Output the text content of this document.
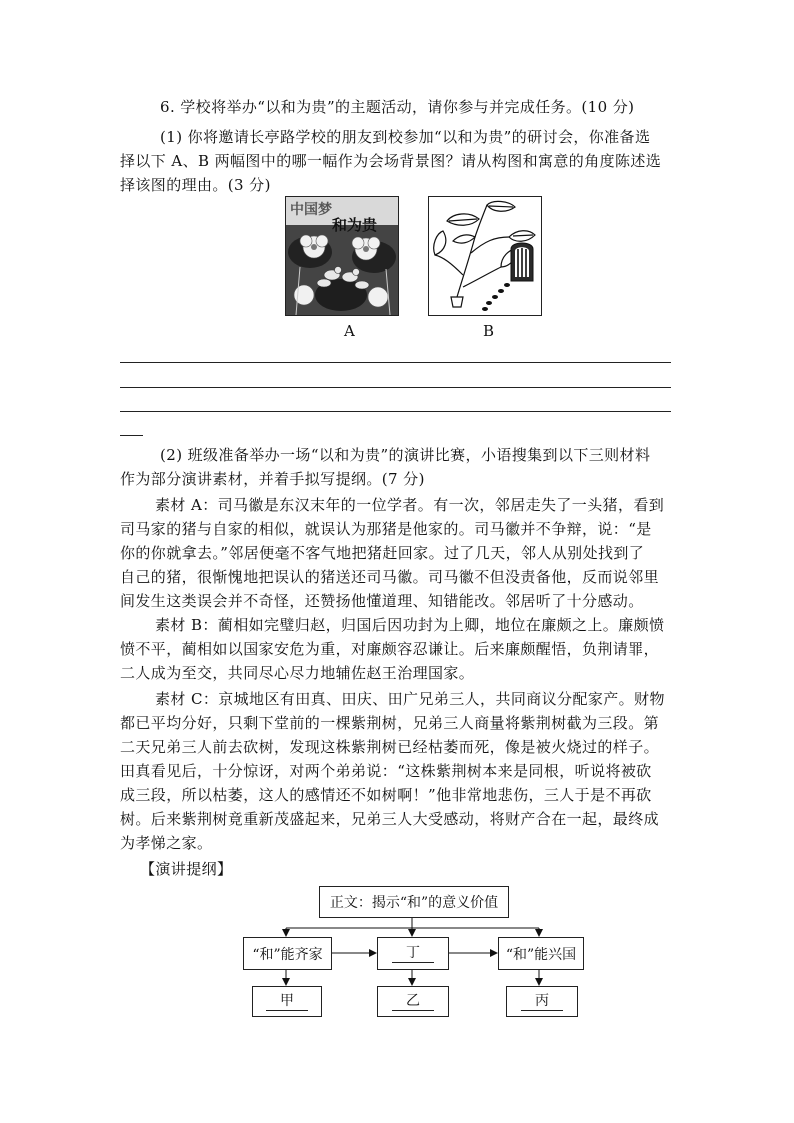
6. 学校将举办“以和为贵”的主题活动，请你参与并完成任务。(10 分)
(1) 你将邀请长亭路学校的朋友到校参加“以和为贵”的研讨会，你准备选
择以下 A、B 两幅图中的哪一幅作为会场背景图？请从构图和寓意的角度陈述选
择该图的理由。(3 分)
中国梦
和为贵
A	B
(2) 班级准备举办一场“以和为贵”的演讲比赛，小语搜集到以下三则材料
作为部分演讲素材，并着手拟写提纲。(7 分)
素材 A：司马徽是东汉末年的一位学者。有一次，邻居走失了一头猪，看到
司马家的猪与自家的相似，就误认为那猪是他家的。司马徽并不争辩，说：“是
你的你就拿去。”邻居便毫不客气地把猪赶回家。过了几天，邻人从别处找到了
自己的猪，很惭愧地把误认的猪送还司马徽。司马徽不但没责备他，反而说邻里
间发生这类误会并不奇怪，还赞扬他懂道理、知错能改。邻居听了十分感动。
素材 B：蔺相如完璧归赵，归国后因功封为上卿，地位在廉颇之上。廉颇愤
愤不平，蔺相如以国家安危为重，对廉颇容忍谦让。后来廉颇醒悟，负荆请罪，
二人成为至交，共同尽心尽力地辅佐赵王治理国家。
素材 C：京城地区有田真、田庆、田广兄弟三人，共同商议分配家产。财物
都已平均分好，只剩下堂前的一棵紫荆树，兄弟三人商量将紫荆树截为三段。第
二天兄弟三人前去砍树，发现这株紫荆树已经枯萎而死，像是被火烧过的样子。
田真看见后，十分惊讶，对两个弟弟说：“这株紫荆树本来是同根，听说将被砍
成三段，所以枯萎，这人的感情还不如树啊！”他非常地悲伤，三人于是不再砍
树。后来紫荆树竟重新茂盛起来，兄弟三人大受感动，将财产合在一起，最终成
为孝悌之家。
【演讲提纲】
正文：揭示“和”的意义价值
“和”能齐家	丁	“和”能兴国
甲	乙	丙
